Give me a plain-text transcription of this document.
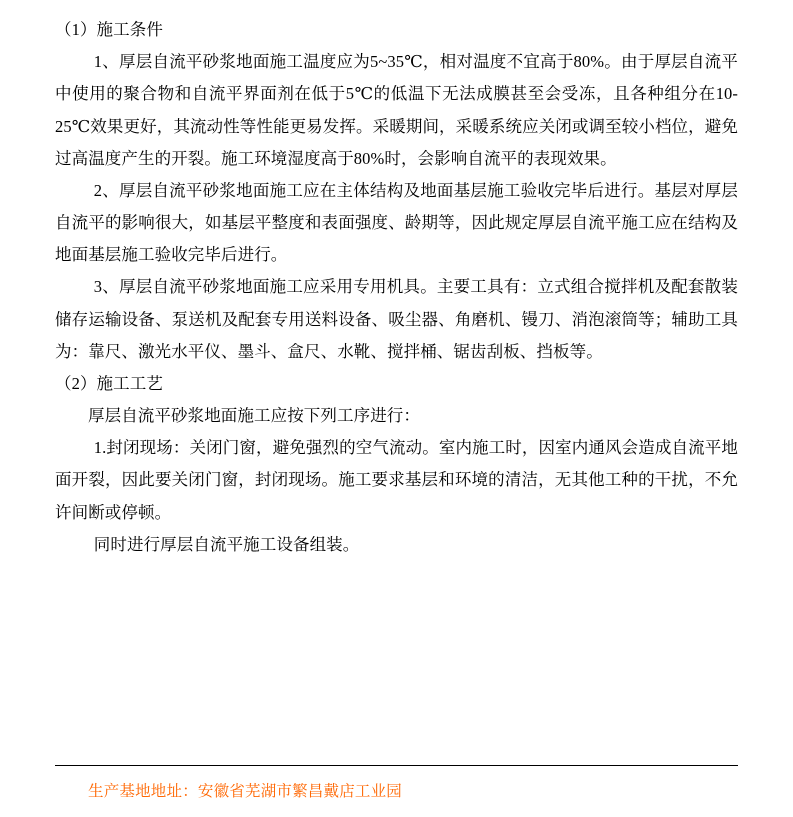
（1）施工条件

1、厚层自流平砂浆地面施工温度应为5~35℃，相对温度不宜高于80%。由于厚层自流平中使用的聚合物和自流平界面剂在低于5℃的低温下无法成膜甚至会受冻，且各种组分在10-25℃效果更好，其流动性等性能更易发挥。采暖期间，采暖系统应关闭或调至较小档位，避免过高温度产生的开裂。施工环境湿度高于80%时，会影响自流平的表现效果。

2、厚层自流平砂浆地面施工应在主体结构及地面基层施工验收完毕后进行。基层对厚层自流平的影响很大，如基层平整度和表面强度、龄期等，因此规定厚层自流平施工应在结构及地面基层施工验收完毕后进行。

3、厚层自流平砂浆地面施工应采用专用机具。主要工具有：立式组合搅拌机及配套散装储存运输设备、泵送机及配套专用送料设备、吸尘器、角磨机、镘刀、消泡滚筒等；辅助工具为：靠尺、激光水平仪、墨斗、盒尺、水靴、搅拌桶、锯齿刮板、挡板等。

（2）施工工艺

厚层自流平砂浆地面施工应按下列工序进行：

1.封闭现场：关闭门窗，避免强烈的空气流动。室内施工时，因室内通风会造成自流平地面开裂，因此要关闭门窗，封闭现场。施工要求基层和环境的清洁，无其他工种的干扰，不允许间断或停顿。

同时进行厚层自流平施工设备组装。

生产基地地址：安徽省芜湖市繁昌戴店工业园
